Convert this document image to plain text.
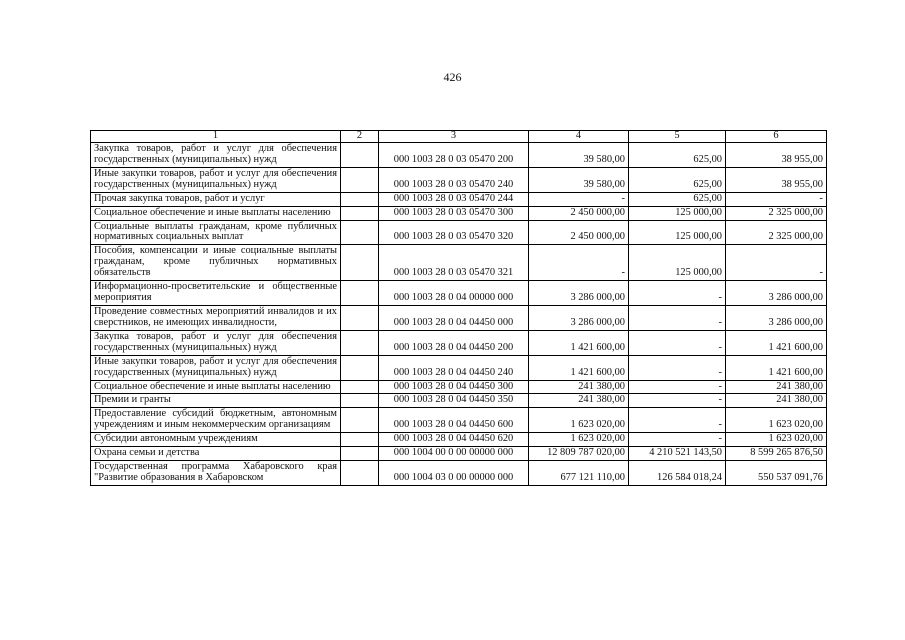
426
1	2	3	4	5	6
Закупка товаров, работ и услуг для обеспечения государственных (муниципальных) нужд		000 1003 28 0 03 05470 200	39 580,00	625,00	38 955,00
Иные закупки товаров, работ и услуг для обеспечения государственных (муниципальных) нужд		000 1003 28 0 03 05470 240	39 580,00	625,00	38 955,00
Прочая закупка товаров, работ и услуг		000 1003 28 0 03 05470 244	-	625,00	-
Социальное обеспечение и иные выплаты населению		000 1003 28 0 03 05470 300	2 450 000,00	125 000,00	2 325 000,00
Социальные выплаты гражданам, кроме публичных нормативных социальных выплат		000 1003 28 0 03 05470 320	2 450 000,00	125 000,00	2 325 000,00
Пособия, компенсации и иные социальные выплаты гражданам, кроме публичных нормативных обязательств		000 1003 28 0 03 05470 321	-	125 000,00	-
Информационно-просветительские и общественные мероприятия		000 1003 28 0 04 00000 000	3 286 000,00	-	3 286 000,00
Проведение совместных мероприятий инвалидов и их сверстников, не имеющих инвалидности,		000 1003 28 0 04 04450 000	3 286 000,00	-	3 286 000,00
Закупка товаров, работ и услуг для обеспечения государственных (муниципальных) нужд		000 1003 28 0 04 04450 200	1 421 600,00	-	1 421 600,00
Иные закупки товаров, работ и услуг для обеспечения государственных (муниципальных) нужд		000 1003 28 0 04 04450 240	1 421 600,00	-	1 421 600,00
Социальное обеспечение и иные выплаты населению		000 1003 28 0 04 04450 300	241 380,00	-	241 380,00
Премии и гранты		000 1003 28 0 04 04450 350	241 380,00	-	241 380,00
Предоставление субсидий бюджетным, автономным учреждениям и иным некоммерческим организациям		000 1003 28 0 04 04450 600	1 623 020,00	-	1 623 020,00
Субсидии автономным учреждениям		000 1003 28 0 04 04450 620	1 623 020,00	-	1 623 020,00
Охрана семьи и детства		000 1004 00 0 00 00000 000	12 809 787 020,00	4 210 521 143,50	8 599 265 876,50
Государственная программа Хабаровского края "Развитие образования в Хабаровском		000 1004 03 0 00 00000 000	677 121 110,00	126 584 018,24	550 537 091,76
